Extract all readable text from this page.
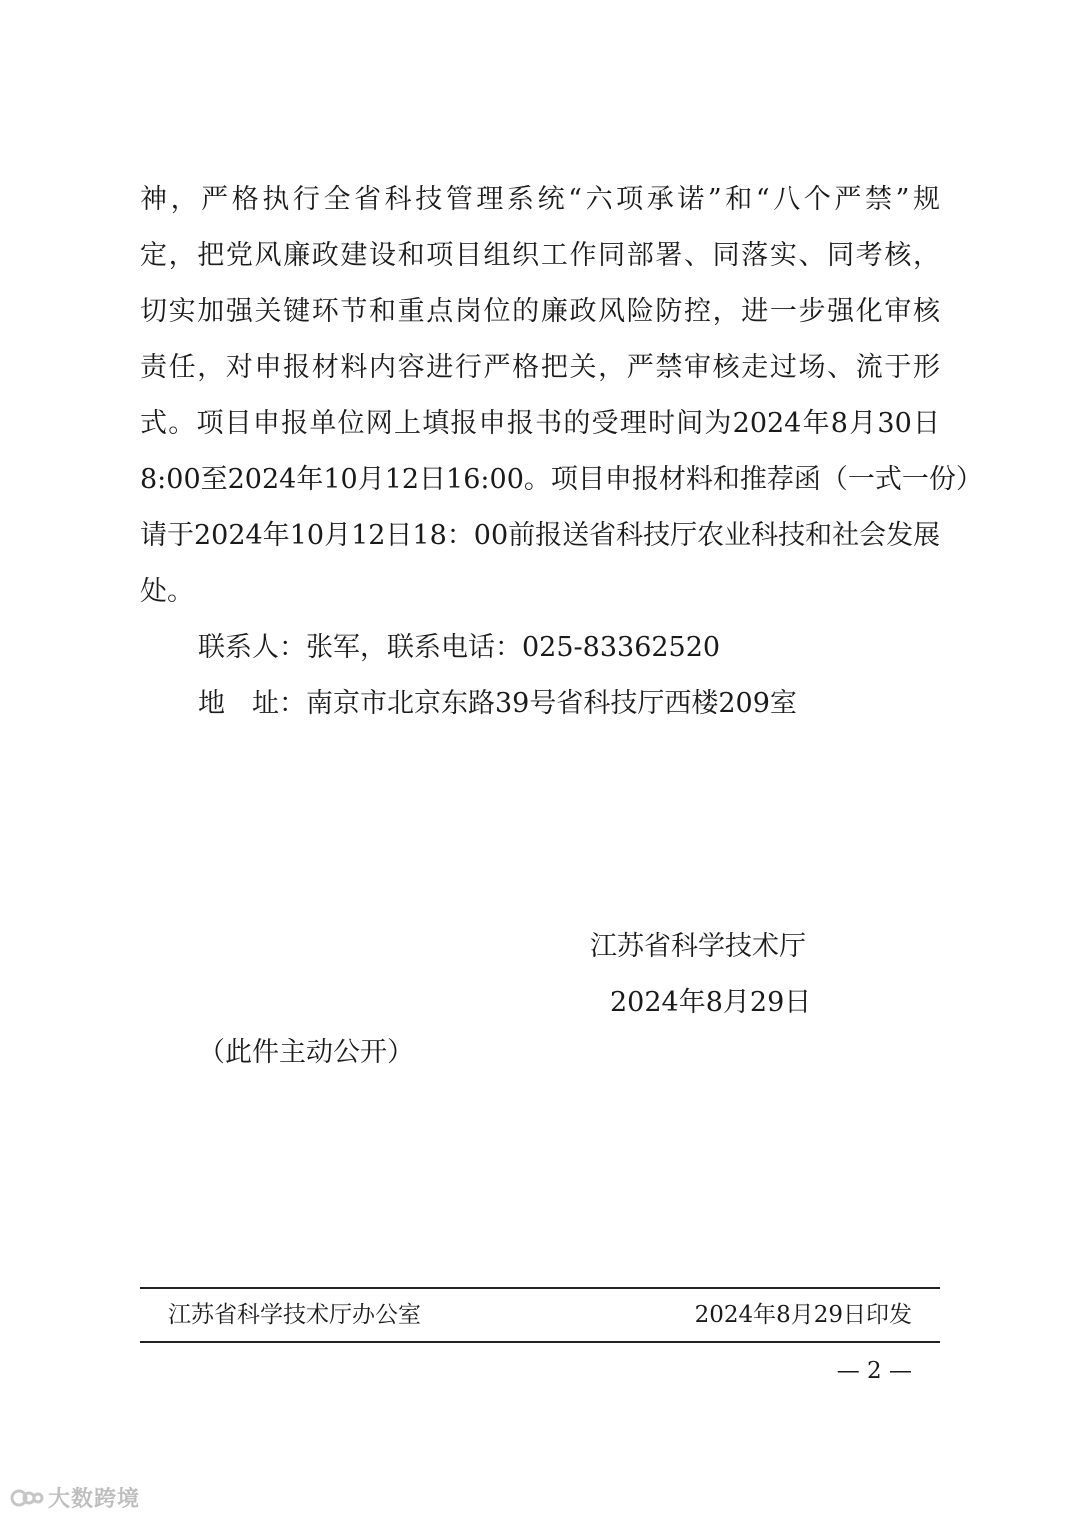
神，严格执行全省科技管理系统“六项承诺”和“八个严禁”规
定，把党风廉政建设和项目组织工作同部署、同落实、同考核，
切实加强关键环节和重点岗位的廉政风险防控，进一步强化审核
责任，对申报材料内容进行严格把关，严禁审核走过场、流于形
式。项目申报单位网上填报申报书的受理时间为2024年8月30日
8:00至2024年10月12日16:00。项目申报材料和推荐函（一式一份）
请于2024年10月12日18：00前报送省科技厅农业科技和社会发展
处。
联系人：张军，联系电话：025-83362520
地　址：南京市北京东路39号省科技厅西楼209室
江苏省科学技术厅
2024年8月29日
（此件主动公开）
江苏省科学技术厅办公室	2024年8月29日印发
— 2 —
大数跨境
